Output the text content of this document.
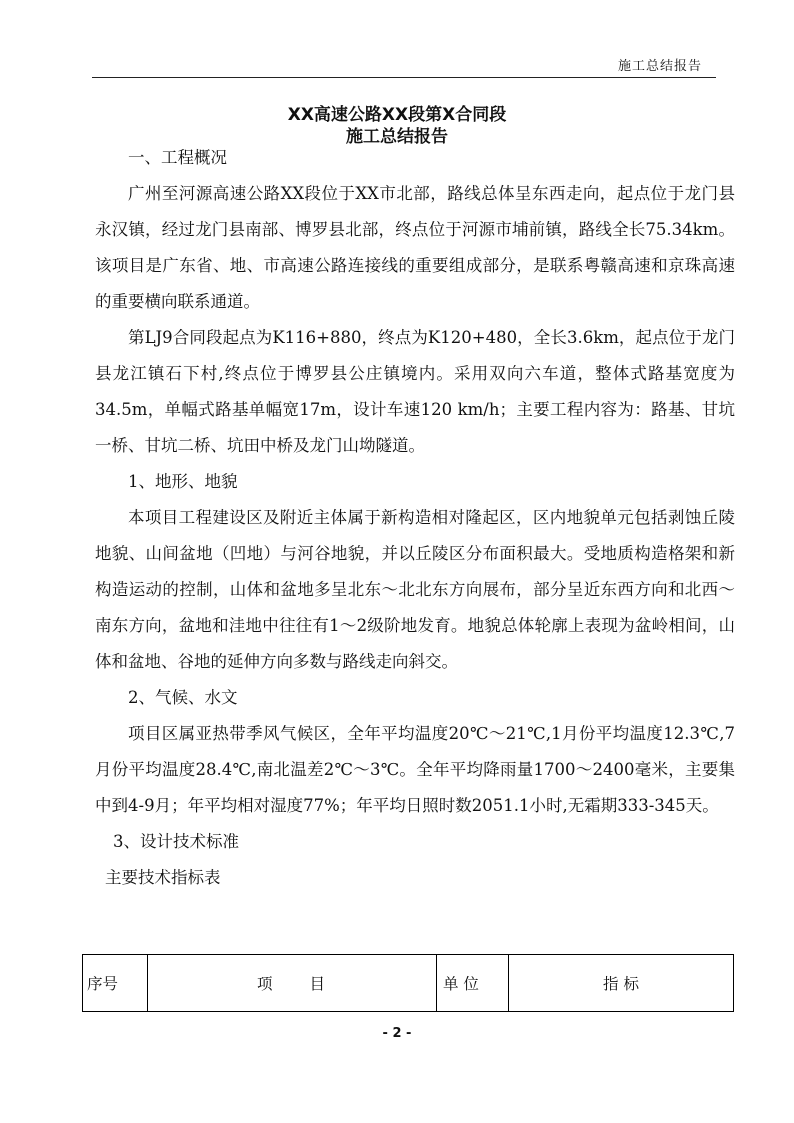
施工总结报告
XX高速公路XX段第X合同段
施工总结报告

一、工程概况

广州至河源高速公路XX段位于XX市北部，路线总体呈东西走向，起点位于龙门县永汉镇，经过龙门县南部、博罗县北部，终点位于河源市埔前镇，路线全长75.34km。该项目是广东省、地、市高速公路连接线的重要组成部分，是联系粤赣高速和京珠高速的重要横向联系通道。

第LJ9合同段起点为K116+880，终点为K120+480，全长3.6km，起点位于龙门县龙江镇石下村,终点位于博罗县公庄镇境内。采用双向六车道，整体式路基宽度为34.5m，单幅式路基单幅宽17m，设计车速120 km/h；主要工程内容为：路基、甘坑一桥、甘坑二桥、坑田中桥及龙门山坳隧道。

1、地形、地貌

本项目工程建设区及附近主体属于新构造相对隆起区，区内地貌单元包括剥蚀丘陵地貌、山间盆地（凹地）与河谷地貌，并以丘陵区分布面积最大。受地质构造格架和新构造运动的控制，山体和盆地多呈北东～北北东方向展布，部分呈近东西方向和北西～南东方向，盆地和洼地中往往有1～2级阶地发育。地貌总体轮廓上表现为盆岭相间，山体和盆地、谷地的延伸方向多数与路线走向斜交。

2、气候、水文

项目区属亚热带季风气候区，全年平均温度20℃～21℃,1月份平均温度12.3℃,7月份平均温度28.4℃,南北温差2℃～3℃。全年平均降雨量1700～2400毫米，主要集中到4-9月；年平均相对湿度77%；年平均日照时数2051.1小时,无霜期333-345天。

3、设计技术标准

主要技术指标表

序号	项　　目	单 位	指 标
- 2 -
